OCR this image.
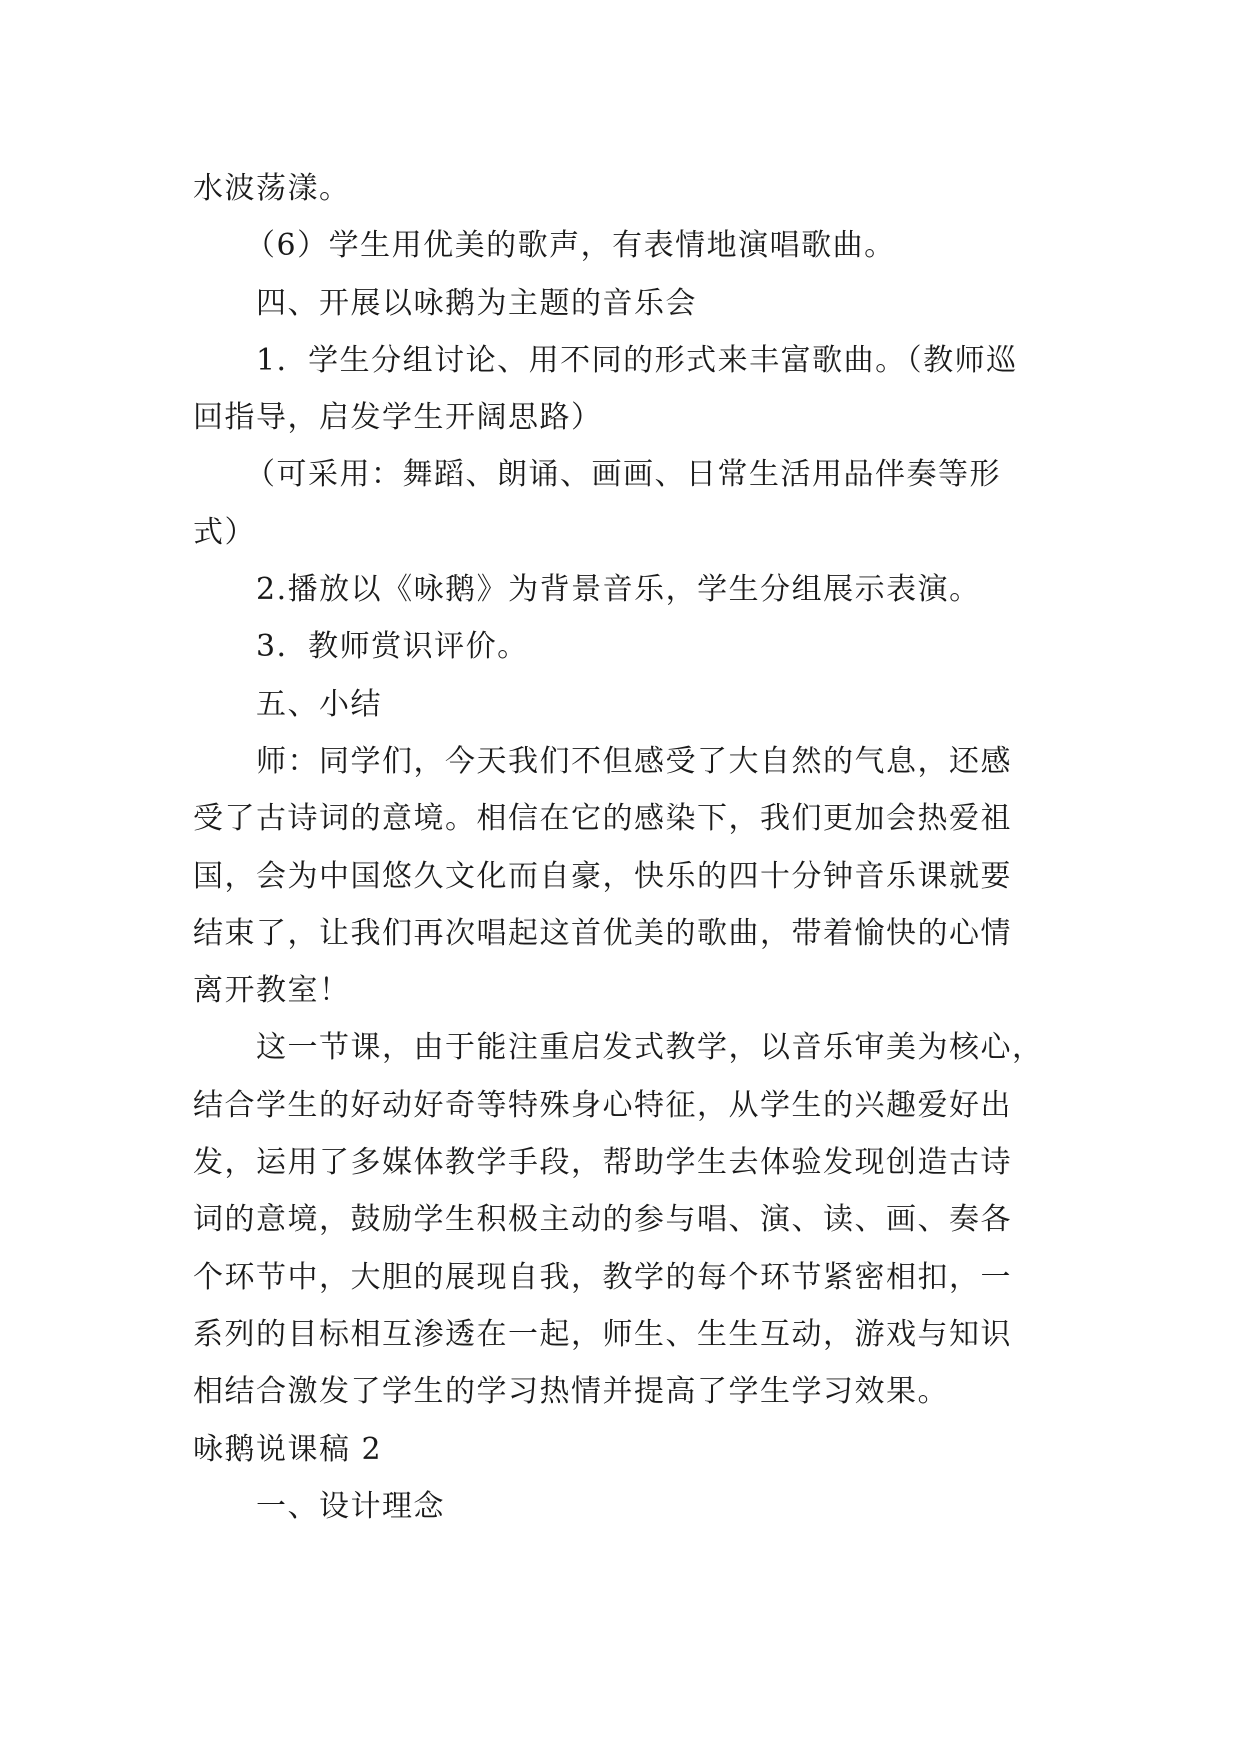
水波荡漾。
（6）学生用优美的歌声，有表情地演唱歌曲。
四、开展以咏鹅为主题的音乐会
1．学生分组讨论、用不同的形式来丰富歌曲。（教师巡
回指导，启发学生开阔思路）
（可采用：舞蹈、朗诵、画画、日常生活用品伴奏等形
式）
2.播放以《咏鹅》为背景音乐，学生分组展示表演。
3．教师赏识评价。
五、小结
师：同学们，今天我们不但感受了大自然的气息，还感
受了古诗词的意境。相信在它的感染下，我们更加会热爱祖
国，会为中国悠久文化而自豪，快乐的四十分钟音乐课就要
结束了，让我们再次唱起这首优美的歌曲，带着愉快的心情
离开教室！
这一节课，由于能注重启发式教学，以音乐审美为核心，
结合学生的好动好奇等特殊身心特征，从学生的兴趣爱好出
发，运用了多媒体教学手段，帮助学生去体验发现创造古诗
词的意境，鼓励学生积极主动的参与唱、演、读、画、奏各
个环节中，大胆的展现自我，教学的每个环节紧密相扣，一
系列的目标相互渗透在一起，师生、生生互动，游戏与知识
相结合激发了学生的学习热情并提高了学生学习效果。
咏鹅说课稿 2
一、设计理念
